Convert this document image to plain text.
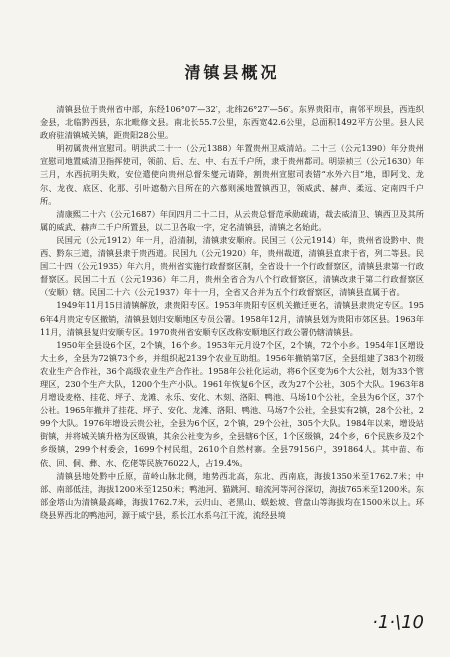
清镇县概况

清镇县位于贵州省中部，东经106°07′—32′，北纬26°27′—56′。东界贵阳市，南邻平坝县，西连织金县，北临黔西县，东北毗修文县。南北长55.7公里，东西宽42.6公里，总面积1492平方公里。县人民政府驻清镇城关镇，距贵阳28公里。

明初属贵州宣慰司。明洪武二十一（公元1388）年置贵州卫威清站。二十三（公元1390）年分贵州宣慰司地置威清卫指挥使司，领前、后、左、中、右五千户所，隶于贵州都司。明崇祯三（公元1630）年三月，水西抗明失败，安位遣使向贵州总督朱燮元请降，割贵州宣慰司表错“水外六目”地，即阿戈、龙尔、龙夜、底区、化那、引叶遮勒六目所在的六慕则溪地置镇西卫，领威武、赫声、柔远、定南四千户所。

清康熙二十六（公元1687）年闰四月二十二日，从云贵总督范承勋疏请，裁去威清卫、镇西卫及其所属的威武、赫声二千户所置县，以二卫各取一字，定名清镇县，清镇之名始此。

民国元（公元1912）年一月，沿清制，清镇隶安顺府。民国三（公元1914）年，贵州省设黔中、贵西、黔东三道，清镇县隶于贵西道。民国九（公元1920）年，贵州裁道，清镇县直隶于省，列二等县。民国二十四（公元1935）年六月，贵州省实施行政督察区制，全省设十一个行政督察区，清镇县隶第一行政督察区。民国二十五（公元1936）年二月，贵州全省合为八个行政督察区，清镇改隶于第二行政督察区（安顺）辖。民国二十六（公元1937）年十一月，全省又合并为五个行政督察区，清镇县直属于省。

1949年11月15日清镇解放，隶贵阳专区。1953年贵阳专区机关撤迁更名，清镇县隶贵定专区。1956年4月贵定专区撤销，清镇县划归安顺地区专员公署。1958年12月，清镇县划为贵阳市郊区县。1963年11月，清镇县复归安顺专区。1970贵州省安顺专区改称安顺地区行政公署仍辖清镇县。

1950年全县设6个区，2个镇，16个乡。1953年元月设7个区，2个镇，72个小乡。1954年1区增设大土乡，全县为72镇73个乡，并组织起2139个农业互助组。1956年撤销第7区，全县组建了383个初级农业生产合作社，36个高级农业生产合作社。1958年公社化运动，将6个区变为6个大公社，划为33个管理区，230个生产大队，1200个生产小队。1961年恢复6个区，改为27个公社，305个大队。1963年8月增设麦格、挂花、坪子、龙滩、永乐、安化、木刻、洛阳、鸭池、马场10个公社，全县为6个区，37个公社。1965年撤并了挂花、坪子、安化、龙滩、洛阳、鸭池、马场7个公社，全县实有2镇，28个公社，299个大队。1976年增设云贵公社，全县为6个区，2个镇，29个公社，305个大队。1984年以来，增设站街镇，并将城关镇升格为区级镇，其余公社变为乡，全县辖6个区，1个区级镇，24个乡，6个民族乡及2个乡级镇，299个村委会，1699个村民组，2610个自然村寨。全县79156户，391864人。其中苗、布依、回、侗、彝、水、仡佬等民族76022人，占19.4%。

清镇县地处黔中丘原，苗岭山脉北侧，地势西北高，东北、西南底，海拔1350米至1762.7米；中部、南部低洼，海拔1200米至1250米；鸭池河、猫跳河、暗流河等河谷深切，海拔765米至1200米。东部金塔山为清镇最高峰，海拔1762.7米，云归山、老黑山、蜈蚣坡、营盘山等海拔均在1500米以上。环绕县界西北的鸭池河，源于威宁县，系长江水系乌江干流，流经县境

·1·\10
